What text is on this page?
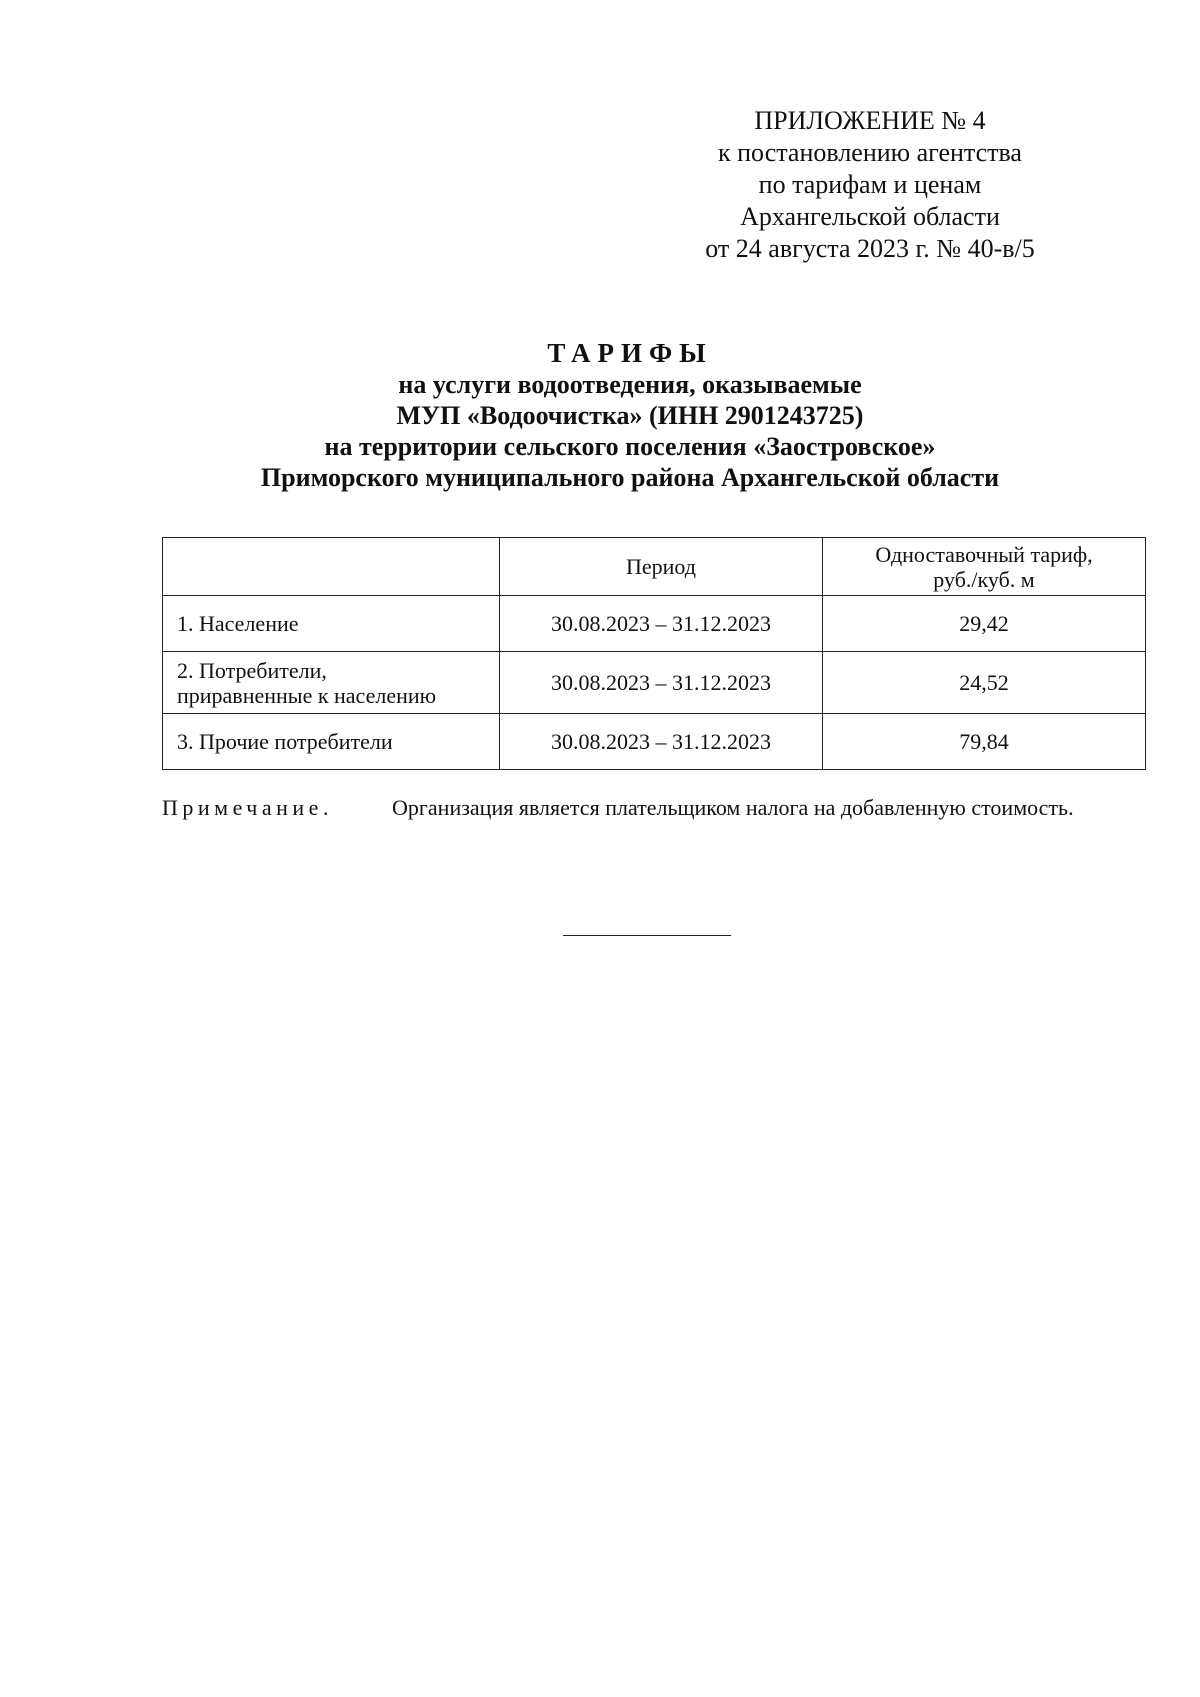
ПРИЛОЖЕНИЕ № 4
к постановлению агентства
по тарифам и ценам
Архангельской области
от 24 августа 2023 г. № 40-в/5
ТАРИФЫ
на услуги водоотведения, оказываемые
МУП «Водоочистка» (ИНН 2901243725)
на территории сельского поселения «Заостровское»
Приморского муниципального района Архангельской области
	Период	Одноставочный тариф,
руб./куб. м

1. Население	30.08.2023 – 31.12.2023	29,42

2. Потребители,
приравненные к населению	30.08.2023 – 31.12.2023	24,52

3. Прочие потребители	30.08.2023 – 31.12.2023	79,84
Примечание.	Организация является плательщиком налога на добавленную стоимость.
